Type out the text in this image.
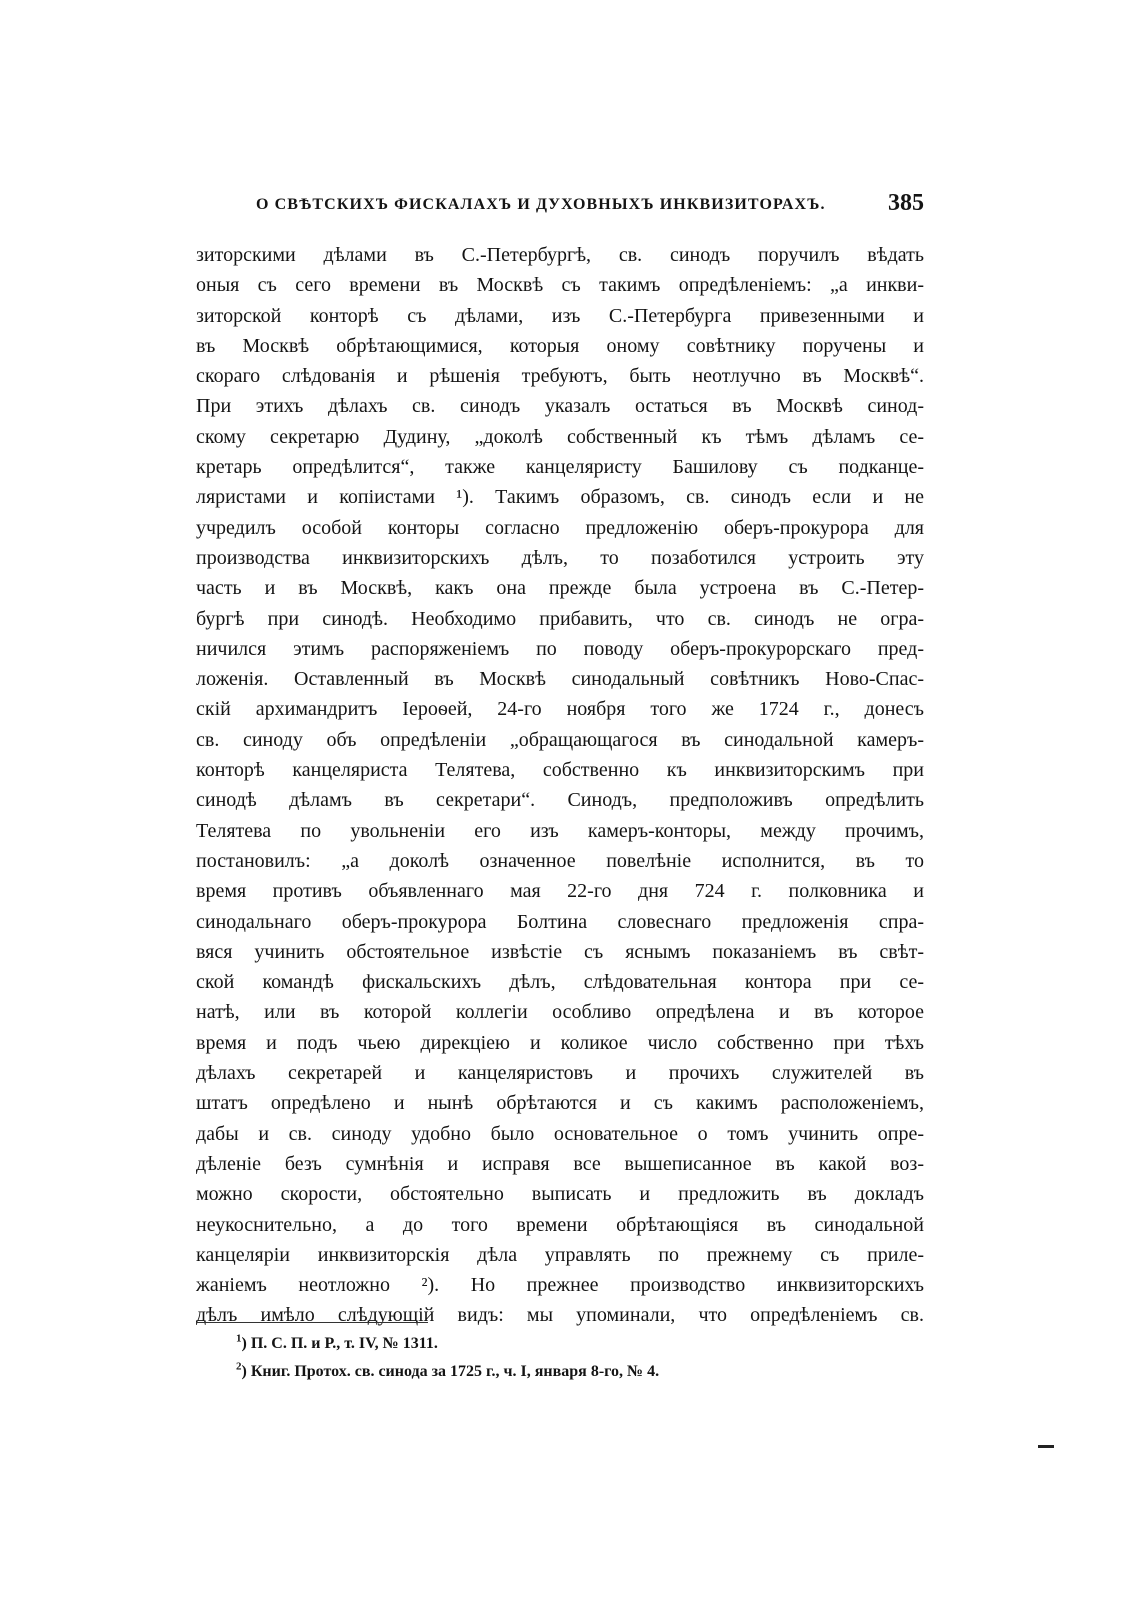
О СВѢТСКИХЪ ФИСКАЛАХЪ И ДУХОВНЫХЪ ИНКВИЗИТОРАХЪ.	385
зиторскими дѣлами въ С.-Петербургѣ, св. синодъ поручилъ вѣдать
оныя съ сего времени въ Москвѣ съ такимъ опредѣленіемъ: „а инкви-
зиторской конторѣ съ дѣлами, изъ С.-Петербурга привезенными и
въ Москвѣ обрѣтающимися, которыя оному совѣтнику поручены и
скораго слѣдованія и рѣшенія требуютъ, быть неотлучно въ Москвѣ“.
При этихъ дѣлахъ св. синодъ указалъ остаться въ Москвѣ синод-
скому секретарю Дудину, „доколѣ собственный къ тѣмъ дѣламъ се-
кретарь опредѣлится“, также канцеляристу Башилову съ подканце-
ляристами и копіистами ¹). Такимъ образомъ, св. синодъ если и не
учредилъ особой конторы согласно предложенію оберъ-прокурора для
производства инквизиторскихъ дѣлъ, то позаботился устроить эту
часть и въ Москвѣ, какъ она прежде была устроена въ С.-Петер-
бургѣ при синодѣ. Необходимо прибавить, что св. синодъ не огра-
ничился этимъ распоряженіемъ по поводу оберъ-прокурорскаго пред-
ложенія. Оставленный въ Москвѣ синодальный совѣтникъ Ново-Спас-
скій архимандритъ Іероѳей, 24-го ноября того же 1724 г., донесъ
св. синоду объ опредѣленіи „обращающагося въ синодальной камеръ-
конторѣ канцеляриста Телятева, собственно къ инквизиторскимъ при
синодѣ дѣламъ въ секретари“. Синодъ, предположивъ опредѣлить
Телятева по увольненіи его изъ камеръ-конторы, между прочимъ,
постановилъ: „а доколѣ означенное повелѣніе исполнится, въ то
время противъ объявленнаго мая 22-го дня 724 г. полковника и
синодальнаго оберъ-прокурора Болтина словеснаго предложенія спра-
вяся учинить обстоятельное извѣстіе съ яснымъ показаніемъ въ свѣт-
ской командѣ фискальскихъ дѣлъ, слѣдовательная контора при се-
натѣ, или въ которой коллегіи особливо опредѣлена и въ которое
время и подъ чьею дирекціею и коликое число собственно при тѣхъ
дѣлахъ секретарей и канцеляристовъ и прочихъ служителей въ
штатъ опредѣлено и нынѣ обрѣтаются и съ какимъ расположеніемъ,
дабы и св. синоду удобно было основательное о томъ учинить опре-
дѣленіе безъ сумнѣнія и исправя все вышеписанное въ какой воз-
можно скорости, обстоятельно выписать и предложить въ докладъ
неукоснительно, а до того времени обрѣтающіяся въ синодальной
канцеляріи инквизиторскія дѣла управлять по прежнему съ приле-
жаніемъ неотложно ²). Но прежнее производство инквизиторскихъ
дѣлъ имѣло слѣдующій видъ: мы упоминали, что опредѣленіемъ св.
$^1$) П. С. П. и Р., т. IV, № 1311.
$^2$) Книг. Протох. св. синода за 1725 г., ч. I, января 8-го, № 4.
